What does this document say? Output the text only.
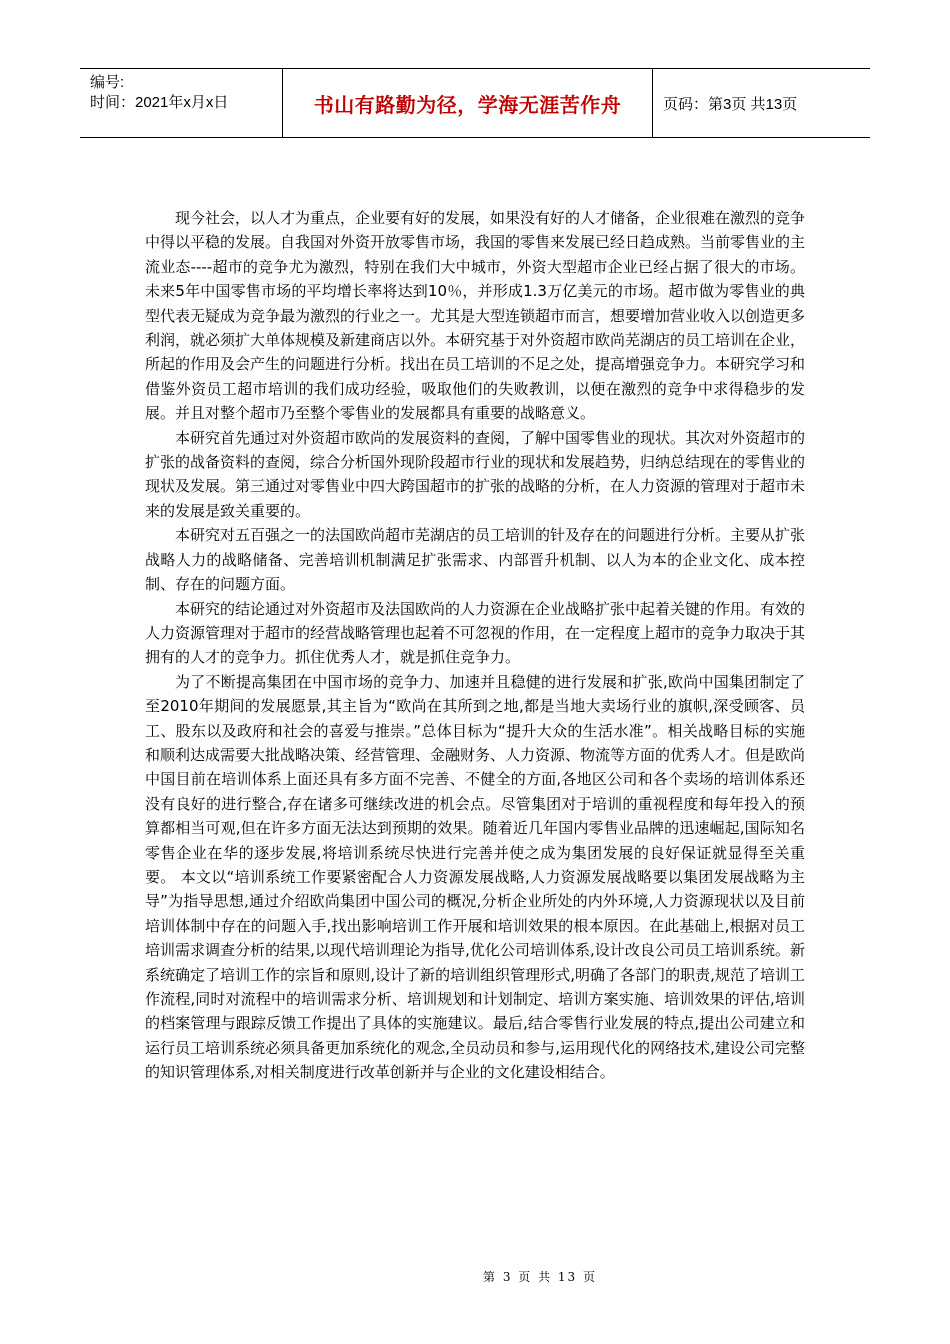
编号:
时间：2021年x月x日	书山有路勤为径，学海无涯苦作舟	页码：第3页 共13页

现今社会，以人才为重点，企业要有好的发展，如果没有好的人才储备，企业很难在激烈的竞争中得以平稳的发展。自我国对外资开放零售市场，我国的零售来发展已经日趋成熟。当前零售业的主流业态----超市的竞争尤为激烈，特别在我们大中城市，外资大型超市企业已经占据了很大的市场。未来5年中国零售市场的平均增长率将达到10％，并形成1.3万亿美元的市场。超市做为零售业的典型代表无疑成为竞争最为激烈的行业之一。尤其是大型连锁超市而言，想要增加营业收入以创造更多利润，就必须扩大单体规模及新建商店以外。本研究基于对外资超市欧尚芜湖店的员工培训在企业，所起的作用及会产生的问题进行分析。找出在员工培训的不足之处，提高增强竞争力。本研究学习和借鉴外资员工超市培训的我们成功经验，吸取他们的失败教训，以便在激烈的竞争中求得稳步的发展。并且对整个超市乃至整个零售业的发展都具有重要的战略意义。

本研究首先通过对外资超市欧尚的发展资料的查阅，了解中国零售业的现状。其次对外资超市的扩张的战备资料的查阅，综合分析国外现阶段超市行业的现状和发展趋势，归纳总结现在的零售业的现状及发展。第三通过对零售业中四大跨国超市的扩张的战略的分析，在人力资源的管理对于超市未来的发展是致关重要的。

本研究对五百强之一的法国欧尚超市芜湖店的员工培训的针及存在的问题进行分析。主要从扩张战略人力的战略储备、完善培训机制满足扩张需求、内部晋升机制、以人为本的企业文化、成本控制、存在的问题方面。

本研究的结论通过对外资超市及法国欧尚的人力资源在企业战略扩张中起着关键的作用。有效的人力资源管理对于超市的经营战略管理也起着不可忽视的作用，在一定程度上超市的竞争力取决于其拥有的人才的竞争力。抓住优秀人才，就是抓住竞争力。

为了不断提高集团在中国市场的竞争力、加速并且稳健的进行发展和扩张,欧尚中国集团制定了至2010年期间的发展愿景,其主旨为“欧尚在其所到之地,都是当地大卖场行业的旗帜,深受顾客、员工、股东以及政府和社会的喜爱与推崇。”总体目标为“提升大众的生活水准”。相关战略目标的实施和顺利达成需要大批战略决策、经营管理、金融财务、人力资源、物流等方面的优秀人才。但是欧尚中国目前在培训体系上面还具有多方面不完善、不健全的方面,各地区公司和各个卖场的培训体系还没有良好的进行整合,存在诸多可继续改进的机会点。尽管集团对于培训的重视程度和每年投入的预算都相当可观,但在许多方面无法达到预期的效果。随着近几年国内零售业品牌的迅速崛起,国际知名零售企业在华的逐步发展,将培训系统尽快进行完善并使之成为集团发展的良好保证就显得至关重要。 本文以“培训系统工作要紧密配合人力资源发展战略,人力资源发展战略要以集团发展战略为主导”为指导思想,通过介绍欧尚集团中国公司的概况,分析企业所处的内外环境,人力资源现状以及目前培训体制中存在的问题入手,找出影响培训工作开展和培训效果的根本原因。在此基础上,根据对员工培训需求调查分析的结果,以现代培训理论为指导,优化公司培训体系,设计改良公司员工培训系统。新系统确定了培训工作的宗旨和原则,设计了新的培训组织管理形式,明确了各部门的职责,规范了培训工作流程,同时对流程中的培训需求分析、培训规划和计划制定、培训方案实施、培训效果的评估,培训的档案管理与跟踪反馈工作提出了具体的实施建议。最后,结合零售行业发展的特点,提出公司建立和运行员工培训系统必须具备更加系统化的观念,全员动员和参与,运用现代化的网络技术,建设公司完整的知识管理体系,对相关制度进行改革创新并与企业的文化建设相结合。

第 3 页 共 13 页
